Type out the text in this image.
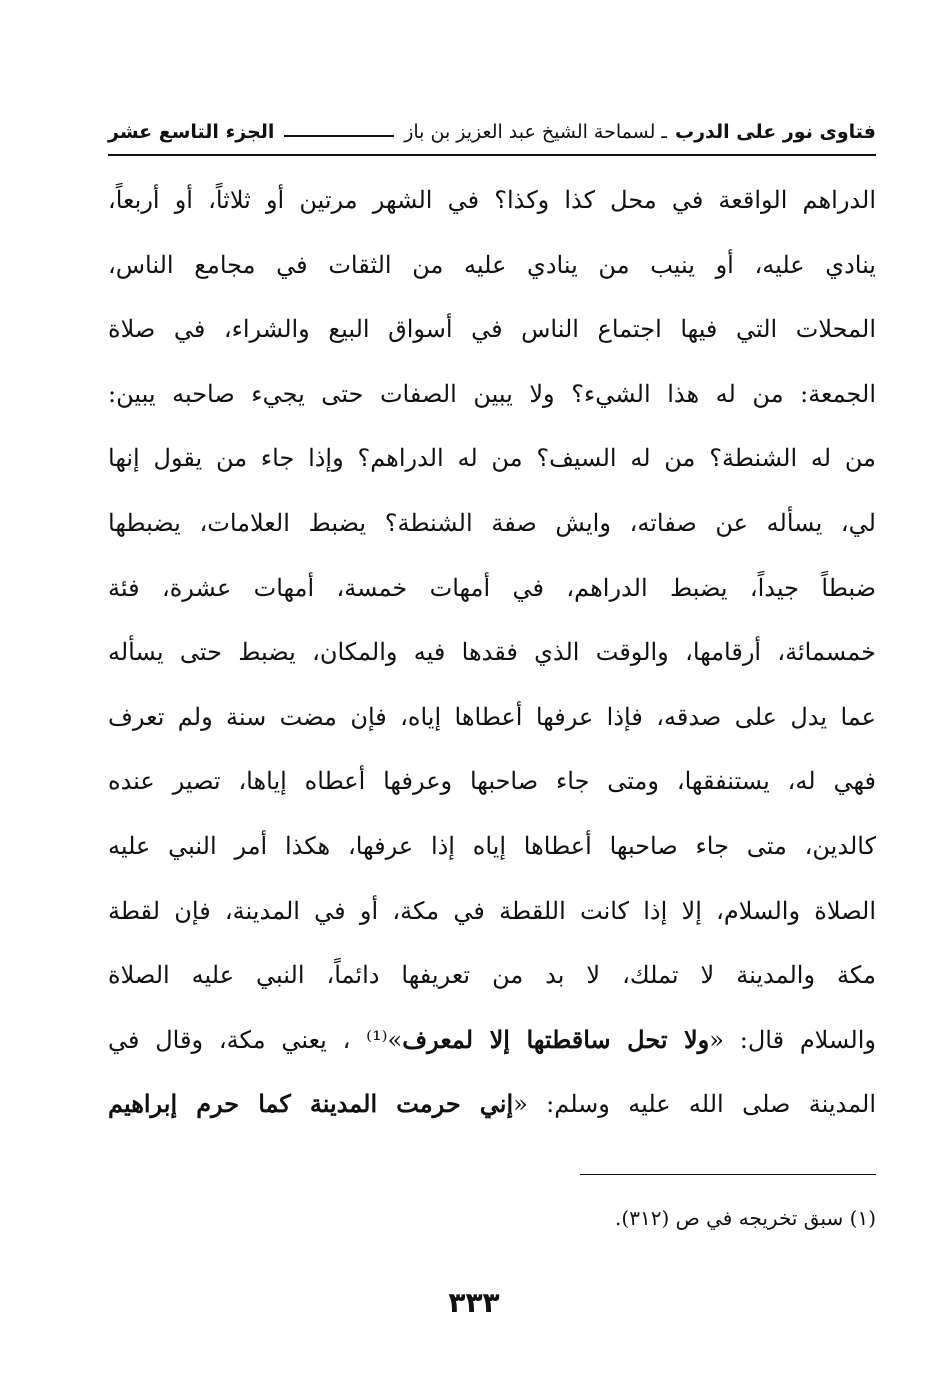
فتاوى نور على الدرب
ـ لسماحة الشيخ عبد العزيز بن باز
الجزء التاسع عشر
الدراهم الواقعة في محل كذا وكذا؟ في الشهر مرتين أو ثلاثاً، أو أربعاً،
ينادي عليه، أو ينيب من ينادي عليه من الثقات في مجامع الناس،
المحلات التي فيها اجتماع الناس في أسواق البيع والشراء، في صلاة
الجمعة: من له هذا الشيء؟ ولا يبين الصفات حتى يجيء صاحبه يبين:
من له الشنطة؟ من له السيف؟ من له الدراهم؟ وإذا جاء من يقول إنها
لي، يسأله عن صفاته، وايش صفة الشنطة؟ يضبط العلامات، يضبطها
ضبطاً جيداً، يضبط الدراهم، في أمهات خمسة، أمهات عشرة، فئة
خمسمائة، أرقامها، والوقت الذي فقدها فيه والمكان، يضبط حتى يسأله
عما يدل على صدقه، فإذا عرفها أعطاها إياه، فإن مضت سنة ولم تعرف
فهي له، يستنفقها، ومتى جاء صاحبها وعرفها أعطاه إياها، تصير عنده
كالدين، متى جاء صاحبها أعطاها إياه إذا عرفها، هكذا أمر النبي عليه
الصلاة والسلام، إلا إذا كانت اللقطة في مكة، أو في المدينة، فإن لقطة
مكة والمدينة لا تملك، لا بد من تعريفها دائماً، النبي عليه الصلاة
والسلام قال: «ولا تحل ساقطتها إلا لمعرف»⁽¹⁾ ، يعني مكة، وقال في
المدينة صلى الله عليه وسلم: «إني حرمت المدينة كما حرم إبراهيم
(١) سبق تخريجه في ص (٣١٢).
٣٣٣
